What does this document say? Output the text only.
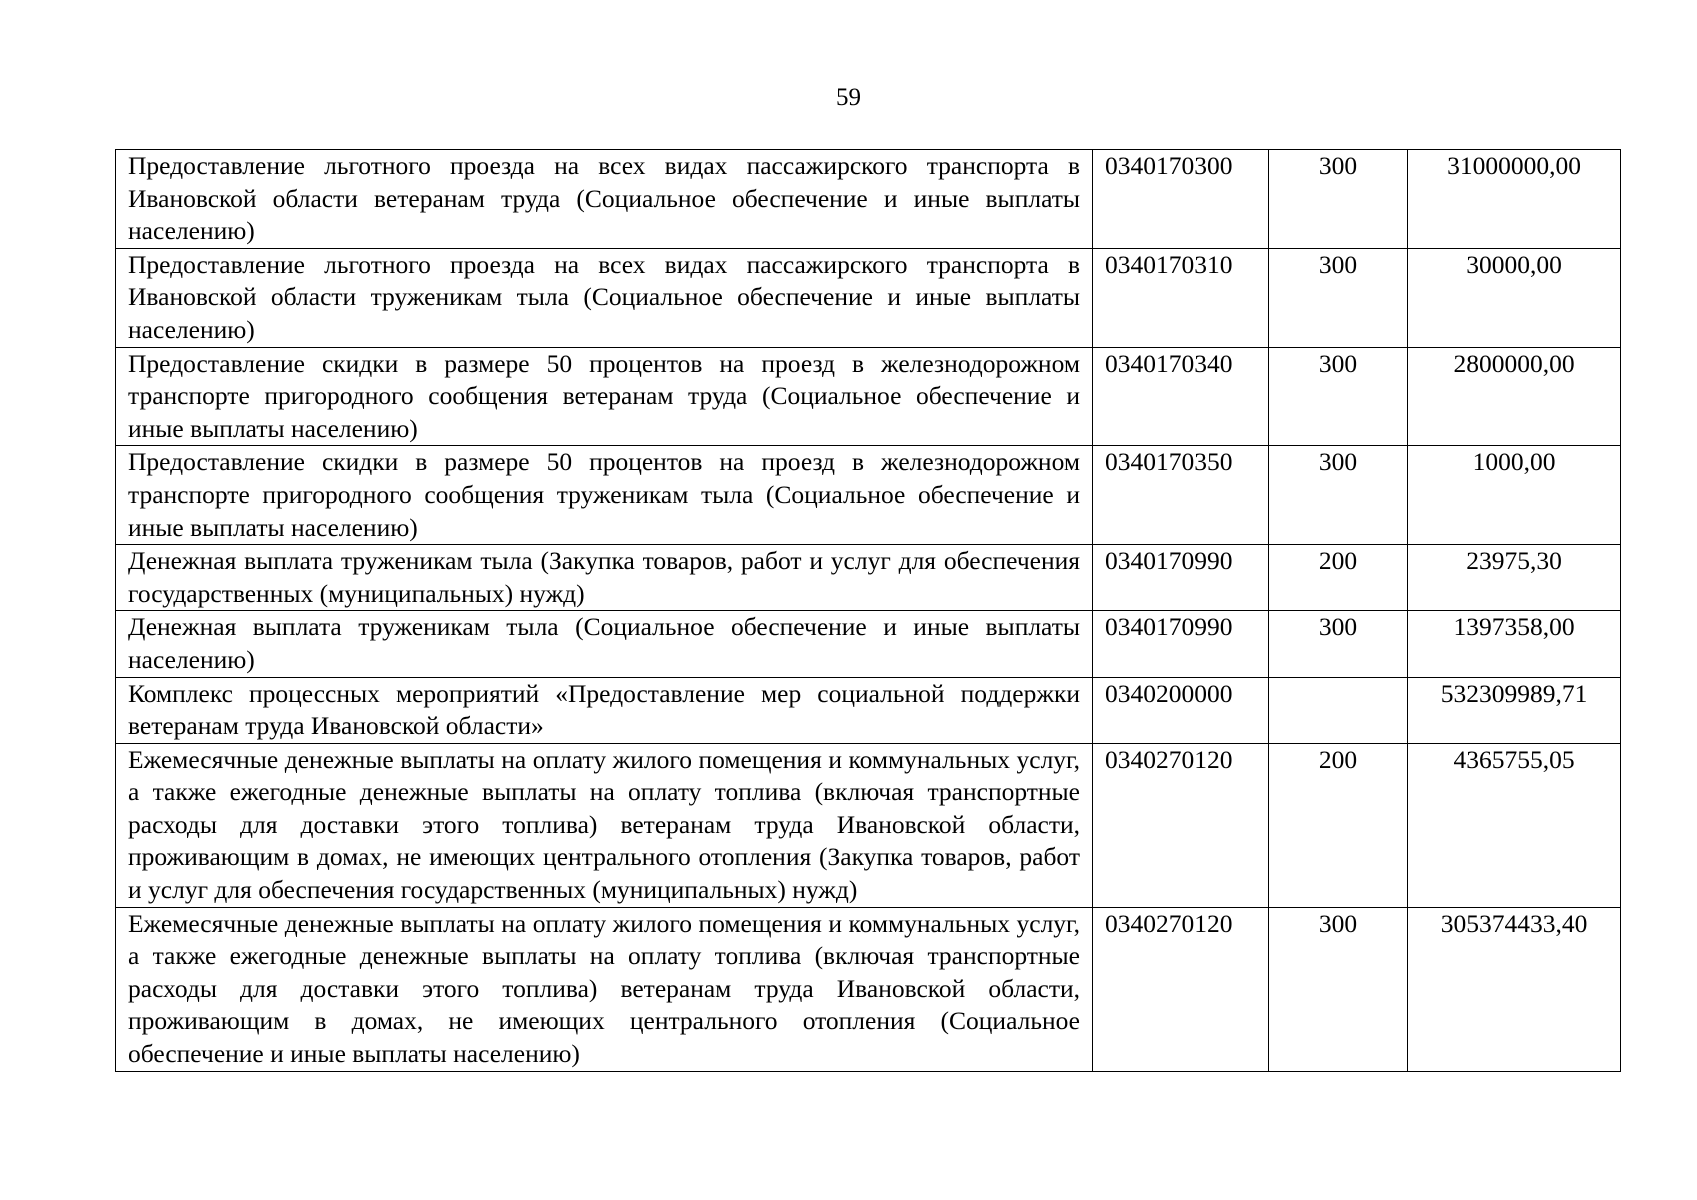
59
Предоставление льготного проезда на всех видах пассажирского транспорта в Ивановской области ветеранам труда (Социальное обеспечение и иные выплаты населению)	0340170300	300	31000000,00
Предоставление льготного проезда на всех видах пассажирского транспорта в Ивановской области труженикам тыла (Социальное обеспечение и иные выплаты населению)	0340170310	300	30000,00
Предоставление скидки в размере 50 процентов на проезд в железнодорожном транспорте пригородного сообщения ветеранам труда (Социальное обеспечение и иные выплаты населению)	0340170340	300	2800000,00
Предоставление скидки в размере 50 процентов на проезд в железнодорожном транспорте пригородного сообщения труженикам тыла (Социальное обеспечение и иные выплаты населению)	0340170350	300	1000,00
Денежная выплата труженикам тыла (Закупка товаров, работ и услуг для обеспечения государственных (муниципальных) нужд)	0340170990	200	23975,30
Денежная выплата труженикам тыла (Социальное обеспечение и иные выплаты населению)	0340170990	300	1397358,00
Комплекс процессных мероприятий «Предоставление мер социальной поддержки ветеранам труда Ивановской области»	0340200000		532309989,71
Ежемесячные денежные выплаты на оплату жилого помещения и коммунальных услуг, а также ежегодные денежные выплаты на оплату топлива (включая транспортные расходы для доставки этого топлива) ветеранам труда Ивановской области, проживающим в домах, не имеющих центрального отопления (Закупка товаров, работ и услуг для обеспечения государственных (муниципальных) нужд)	0340270120	200	4365755,05
Ежемесячные денежные выплаты на оплату жилого помещения и коммунальных услуг, а также ежегодные денежные выплаты на оплату топлива (включая транспортные расходы для доставки этого топлива) ветеранам труда Ивановской области, проживающим в домах, не имеющих центрального отопления (Социальное обеспечение и иные выплаты населению)	0340270120	300	305374433,40
